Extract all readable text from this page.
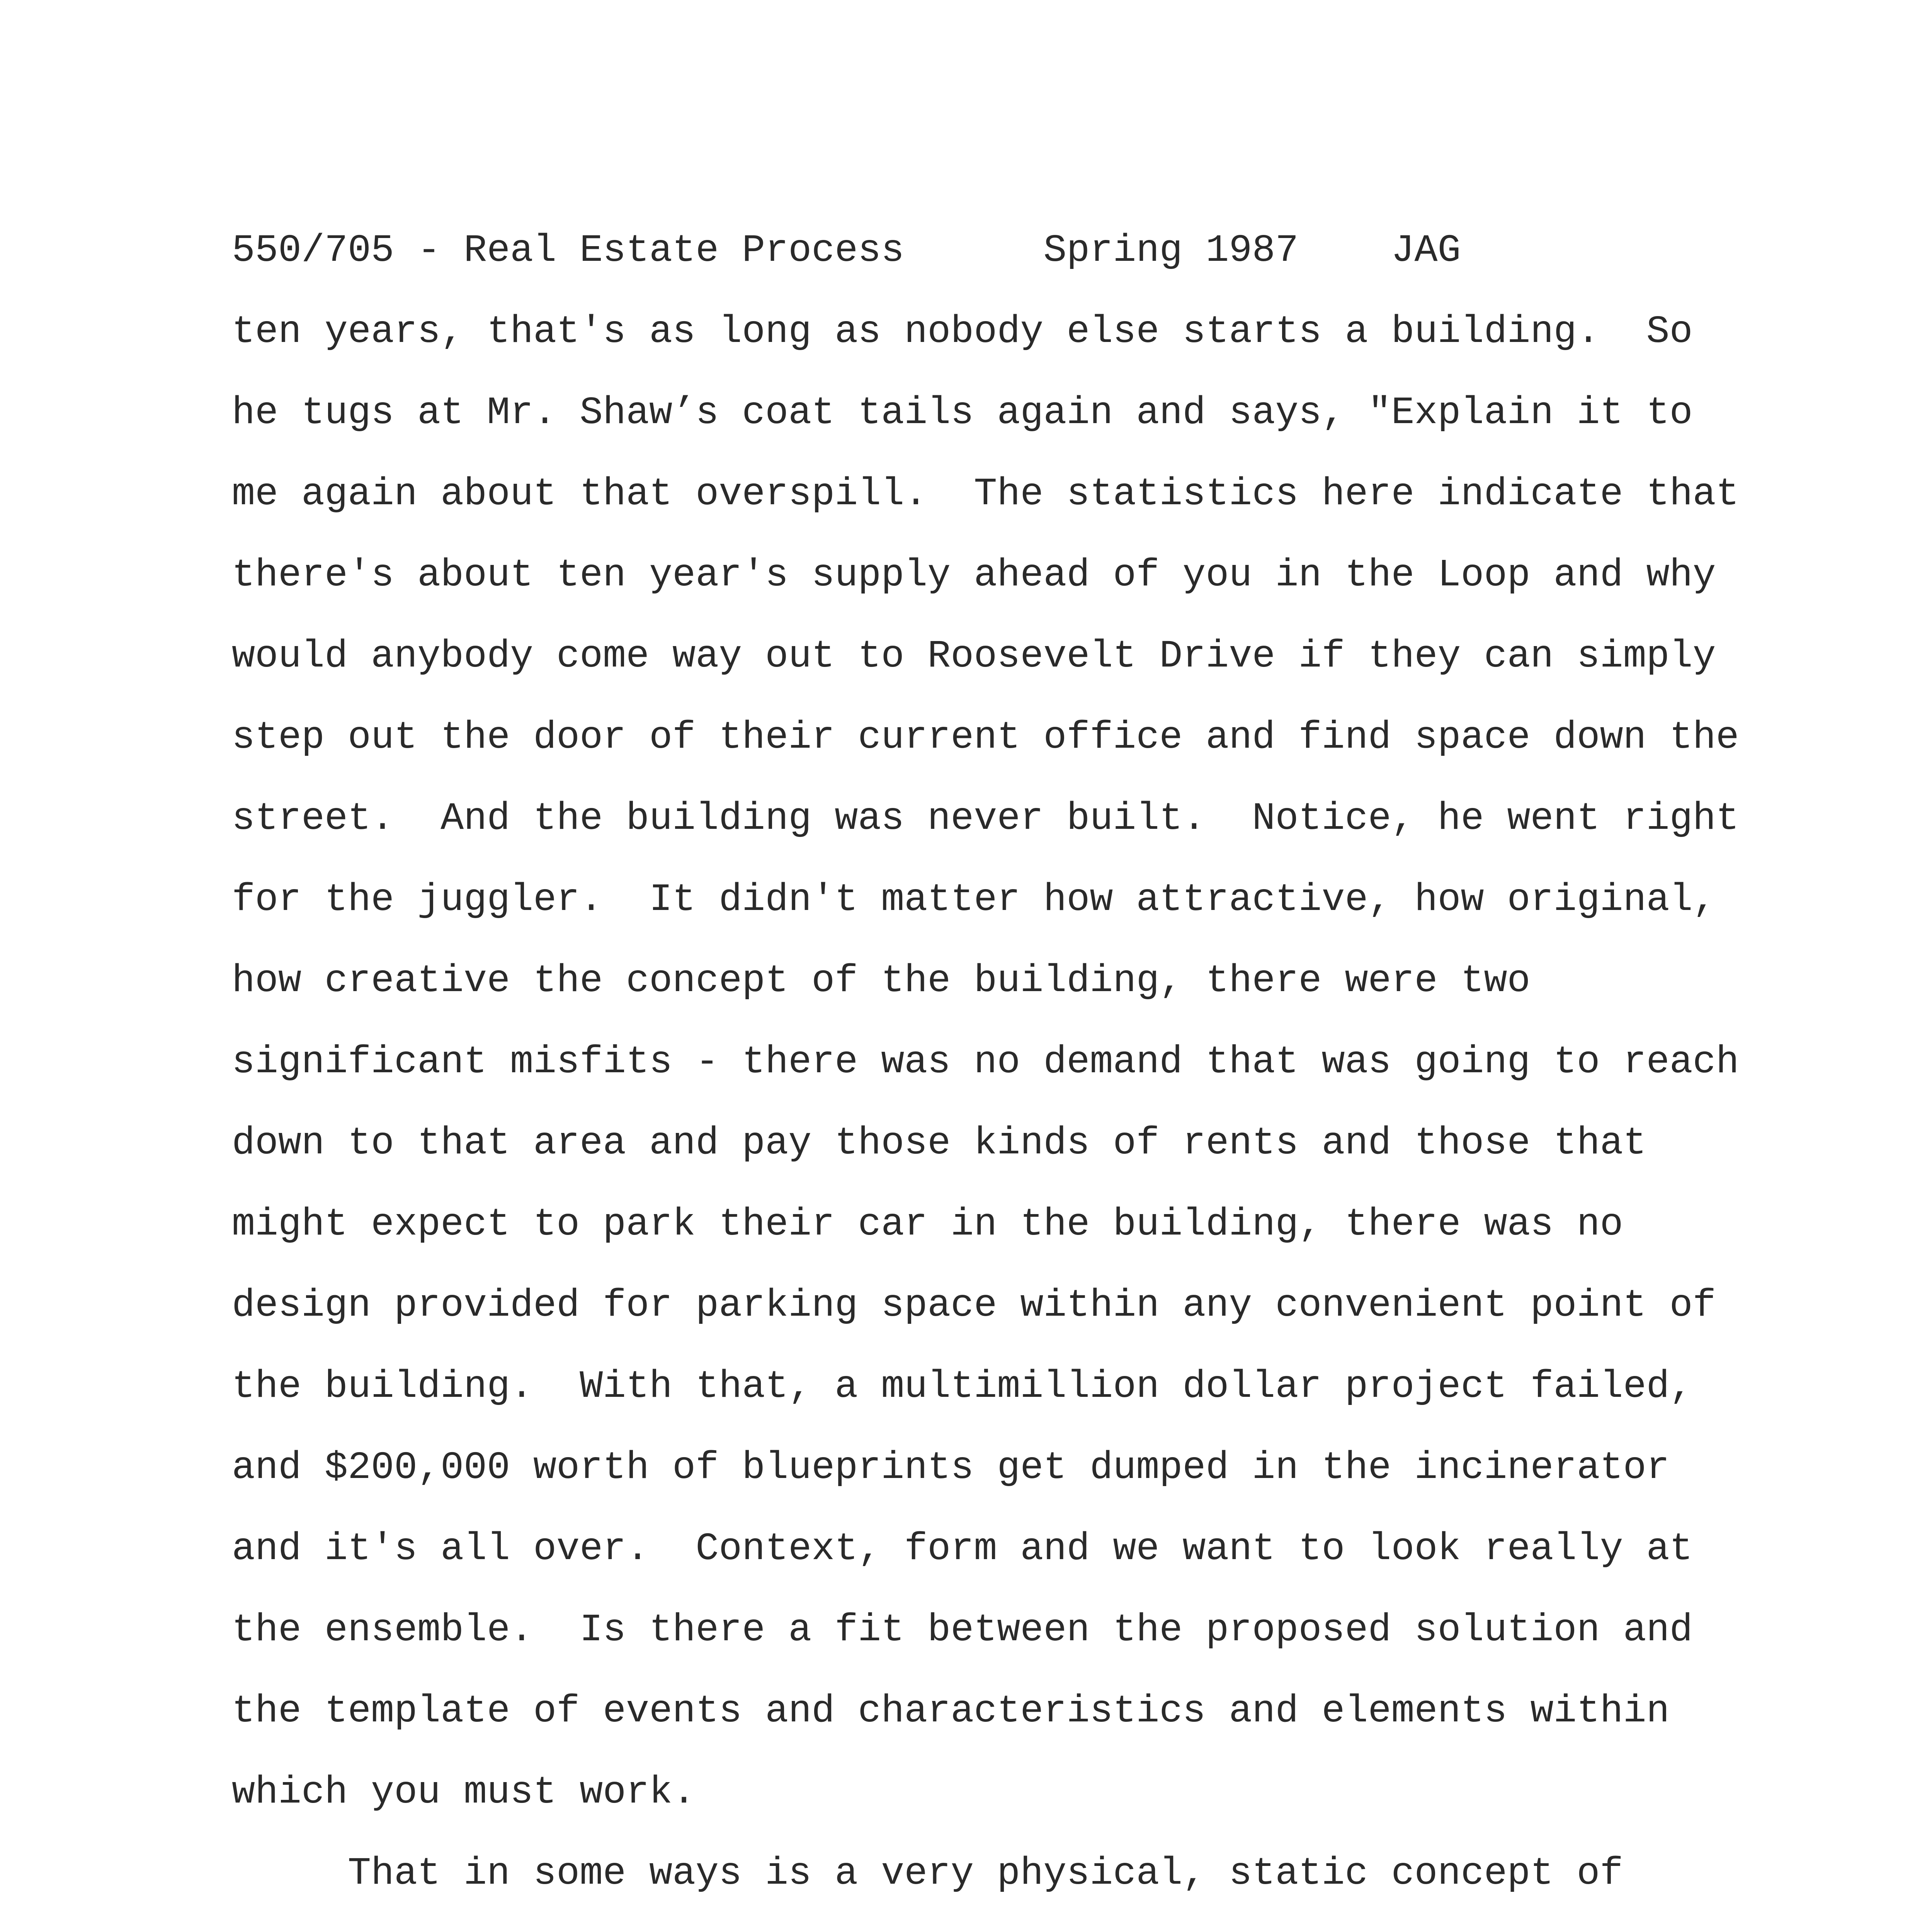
550/705 - Real Estate Process      Spring 1987    JAG
ten years, that's as long as nobody else starts a building.  So
he tugs at Mr. Shaw’s coat tails again and says, "Explain it to
me again about that overspill.  The statistics here indicate that
there's about ten year's supply ahead of you in the Loop and why
would anybody come way out to Roosevelt Drive if they can simply
step out the door of their current office and find space down the
street.  And the building was never built.  Notice, he went right
for the juggler.  It didn't matter how attractive, how original,
how creative the concept of the building, there were two
significant misfits - there was no demand that was going to reach
down to that area and pay those kinds of rents and those that
might expect to park their car in the building, there was no
design provided for parking space within any convenient point of
the building.  With that, a multimillion dollar project failed,
and $200,000 worth of blueprints get dumped in the incinerator
and it's all over.  Context, form and we want to look really at
the ensemble.  Is there a fit between the proposed solution and
the template of events and characteristics and elements within
which you must work.
That in some ways is a very physical, static concept of
